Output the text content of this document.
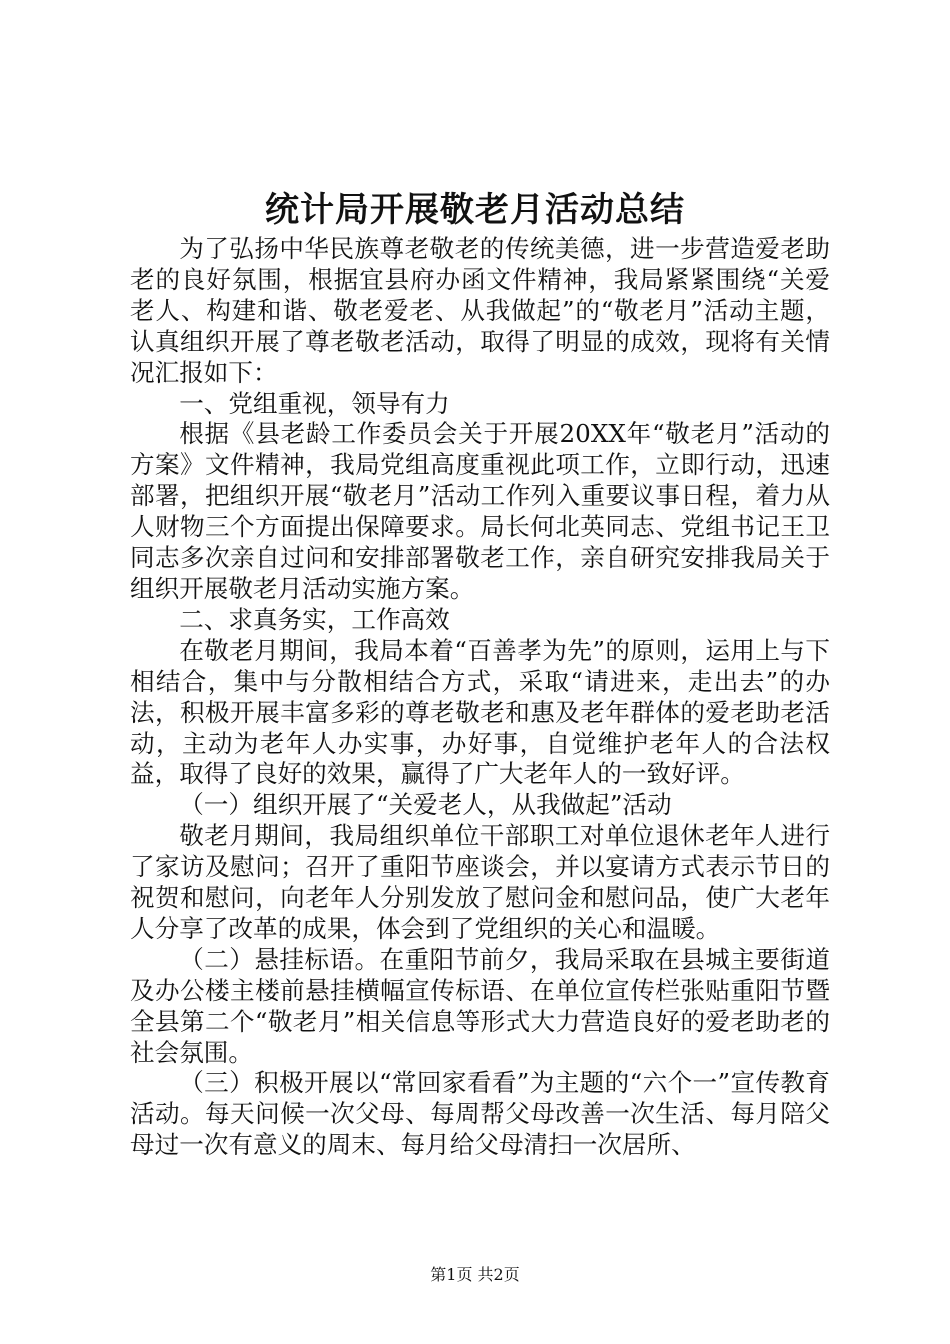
统计局开展敬老月活动总结

为了弘扬中华民族尊老敬老的传统美德，进一步营造爱老助老的良好氛围，根据宜县府办函文件精神，我局紧紧围绕“关爱老人、构建和谐、敬老爱老、从我做起”的“敬老月”活动主题，认真组织开展了尊老敬老活动，取得了明显的成效，现将有关情况汇报如下：

一、党组重视，领导有力

根据《县老龄工作委员会关于开展20XX年“敬老月”活动的方案》文件精神，我局党组高度重视此项工作，立即行动，迅速部署，把组织开展“敬老月”活动工作列入重要议事日程，着力从人财物三个方面提出保障要求。局长何北英同志、党组书记王卫同志多次亲自过问和安排部署敬老工作，亲自研究安排我局关于组织开展敬老月活动实施方案。

二、求真务实，工作高效

在敬老月期间，我局本着“百善孝为先”的原则，运用上与下相结合，集中与分散相结合方式，采取“请进来，走出去”的办法，积极开展丰富多彩的尊老敬老和惠及老年群体的爱老助老活动，主动为老年人办实事，办好事，自觉维护老年人的合法权益，取得了良好的效果，赢得了广大老年人的一致好评。

（一）组织开展了“关爱老人，从我做起”活动

敬老月期间，我局组织单位干部职工对单位退休老年人进行了家访及慰问；召开了重阳节座谈会，并以宴请方式表示节日的祝贺和慰问，向老年人分别发放了慰问金和慰问品，使广大老年人分享了改革的成果，体会到了党组织的关心和温暖。

（二）悬挂标语。在重阳节前夕，我局采取在县城主要街道及办公楼主楼前悬挂横幅宣传标语、在单位宣传栏张贴重阳节暨全县第二个“敬老月”相关信息等形式大力营造良好的爱老助老的社会氛围。

（三）积极开展以“常回家看看”为主题的“六个一”宣传教育活动。每天问候一次父母、每周帮父母改善一次生活、每月陪父母过一次有意义的周末、每月给父母清扫一次居所、

第1页 共2页
